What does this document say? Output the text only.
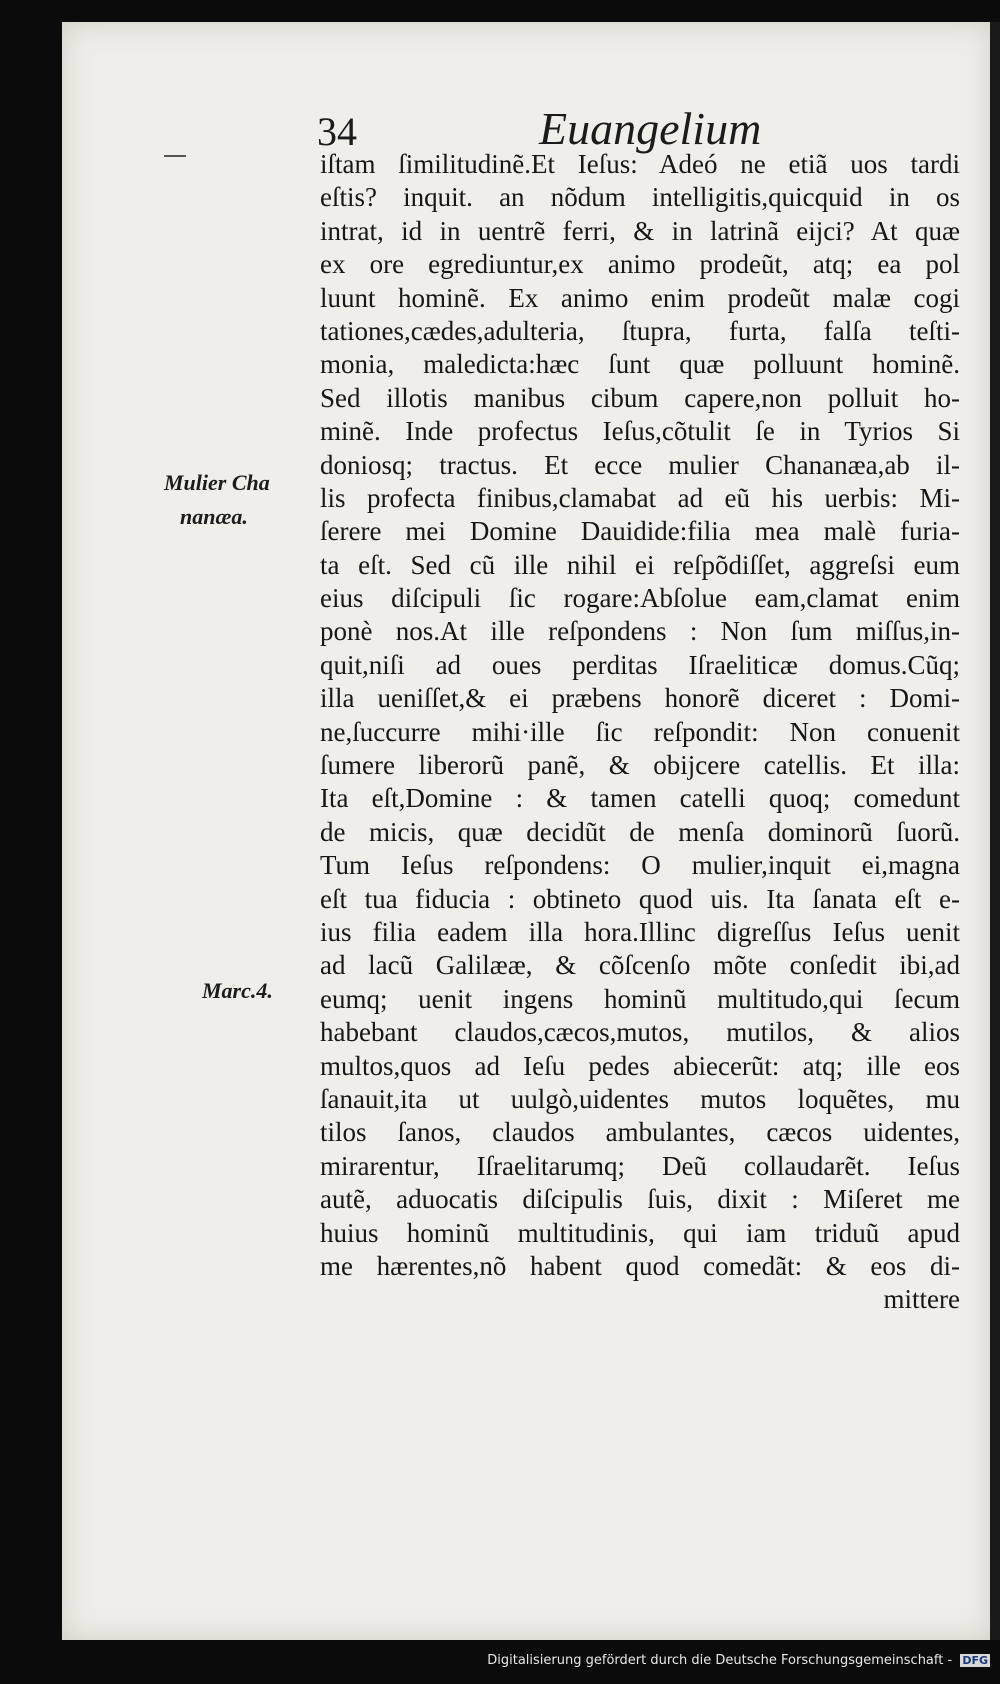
34	Euangelium
Mulier Cha
nanæa.
Marc.4.
iſtam ſimilitudinẽ.Et Ieſus: Adeó ne etiã uos tardi
eſtis? inquit. an nõdum intelligitis,quicquid in os
intrat, id in uentrẽ ferri, & in latrinã eijci? At quæ
ex ore egrediuntur,ex animo prodeũt, atq; ea pol
luunt hominẽ. Ex animo enim prodeũt malæ cogi
tationes,cædes,adulteria, ſtupra, furta, falſa teſti-
monia, maledicta:hæc ſunt quæ polluunt hominẽ.
Sed illotis manibus cibum capere,non polluit ho-
minẽ. Inde profectus Ieſus,cõtulit ſe in Tyrios Si
doniosq; tractus. Et ecce mulier Chananæa,ab il-
lis profecta finibus,clamabat ad eũ his uerbis: Mi-
ſerere mei Domine Dauidide:filia mea malè furia-
ta eſt. Sed cũ ille nihil ei reſpõdiſſet, aggreſsi eum
eius diſcipuli ſic rogare:Abſolue eam,clamat enim
ponè nos.At ille reſpondens : Non ſum miſſus,in-
quit,niſi ad oues perditas Iſraeliticæ domus.Cũq;
illa ueniſſet,& ei præbens honorẽ diceret : Domi-
ne,ſuccurre mihi·ille ſic reſpondit: Non conuenit
ſumere liberorũ panẽ, & obijcere catellis. Et illa:
Ita eſt,Domine : & tamen catelli quoq; comedunt
de micis, quæ decidũt de menſa dominorũ ſuorũ.
Tum Ieſus reſpondens: O mulier,inquit ei,magna
eſt tua fiducia : obtineto quod uis. Ita ſanata eſt e-
ius filia eadem illa hora.Illinc digreſſus Ieſus uenit
ad lacũ Galilææ, & cõſcenſo mõte conſedit ibi,ad
eumq; uenit ingens hominũ multitudo,qui ſecum
habebant claudos,cæcos,mutos, mutilos, & alios
multos,quos ad Ieſu pedes abiecerũt: atq; ille eos
ſanauit,ita ut uulgò,uidentes mutos loquẽtes, mu
tilos ſanos, claudos ambulantes, cæcos uidentes,
mirarentur, Iſraelitarumq; Deũ collaudarẽt. Ieſus
autẽ, aduocatis diſcipulis ſuis, dixit : Miſeret me
huius hominũ multitudinis, qui iam triduũ apud
me hærentes,nõ habent quod comedãt: & eos di-
mittere
Digitalisierung gefördert durch die Deutsche Forschungsgemeinschaft - DFG
